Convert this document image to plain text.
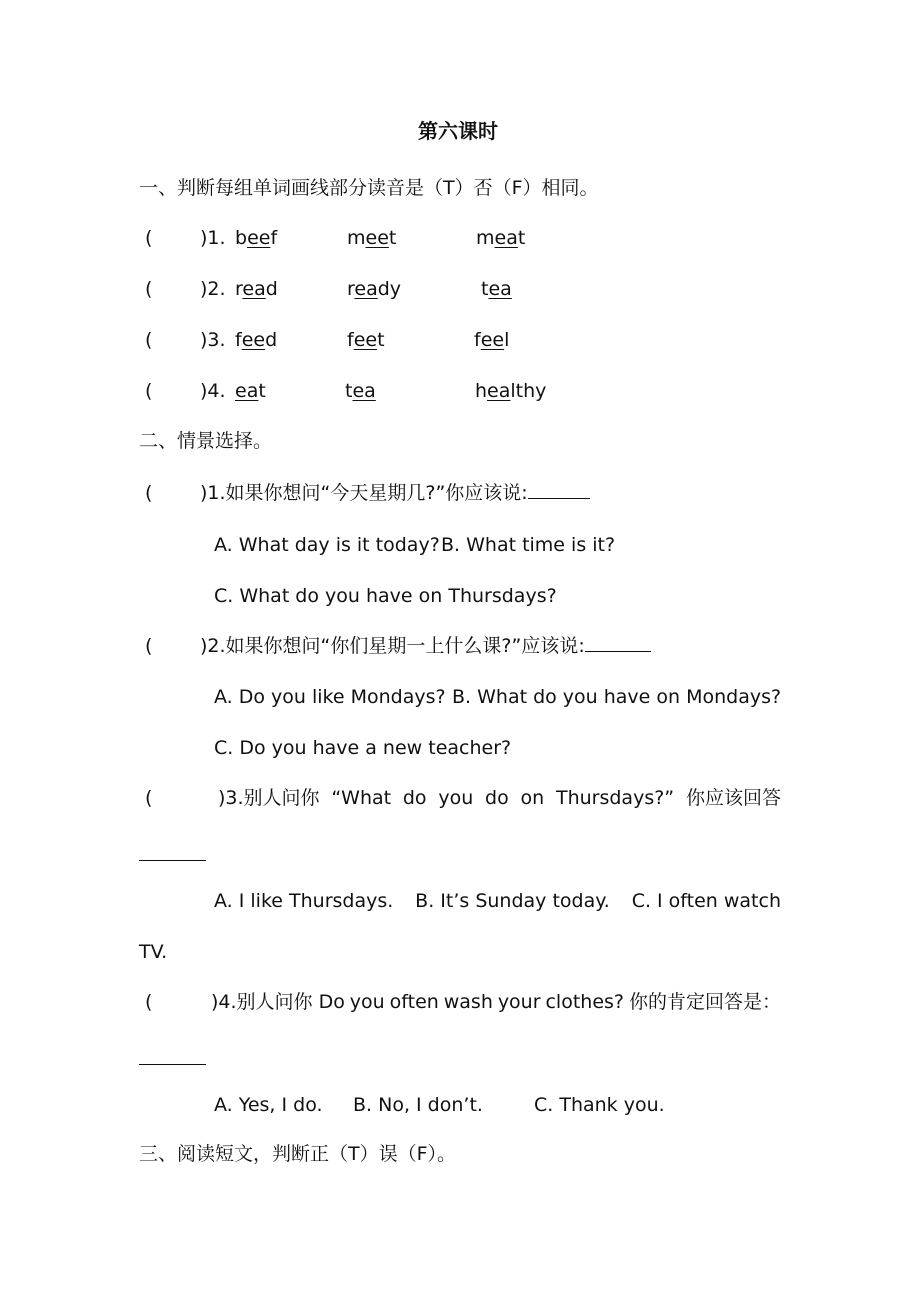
第六课时
一、判断每组单词画线部分读音是（T）否（F）相同。
(	)1. beef	meet	meat
(	)2. read	ready	tea
(	)3. feed	feet	feel
(	)4. eat	tea	healthy
二、情景选择。
(	)1.如果你想问“今天星期几?”你应该说:
A. What day is it today? B. What time is it?
C. What do you have on Thursdays?
(	)2.如果你想问“你们星期一上什么课?”应该说:
A. Do you like Mondays? B. What do you have on Mondays?
C. Do you have a new teacher?
(	)3.别人问你 “What do you do on Thursdays?” 你应该回答
A. I like Thursdays. B. It’s Sunday today. C. I often watch
TV.
(	)4.别人问你 Do you often wash your clothes? 你的肯定回答是：
A. Yes, I do. B. No, I don’t.	C. Thank you.
三、阅读短文，判断正（T）误（F）。
